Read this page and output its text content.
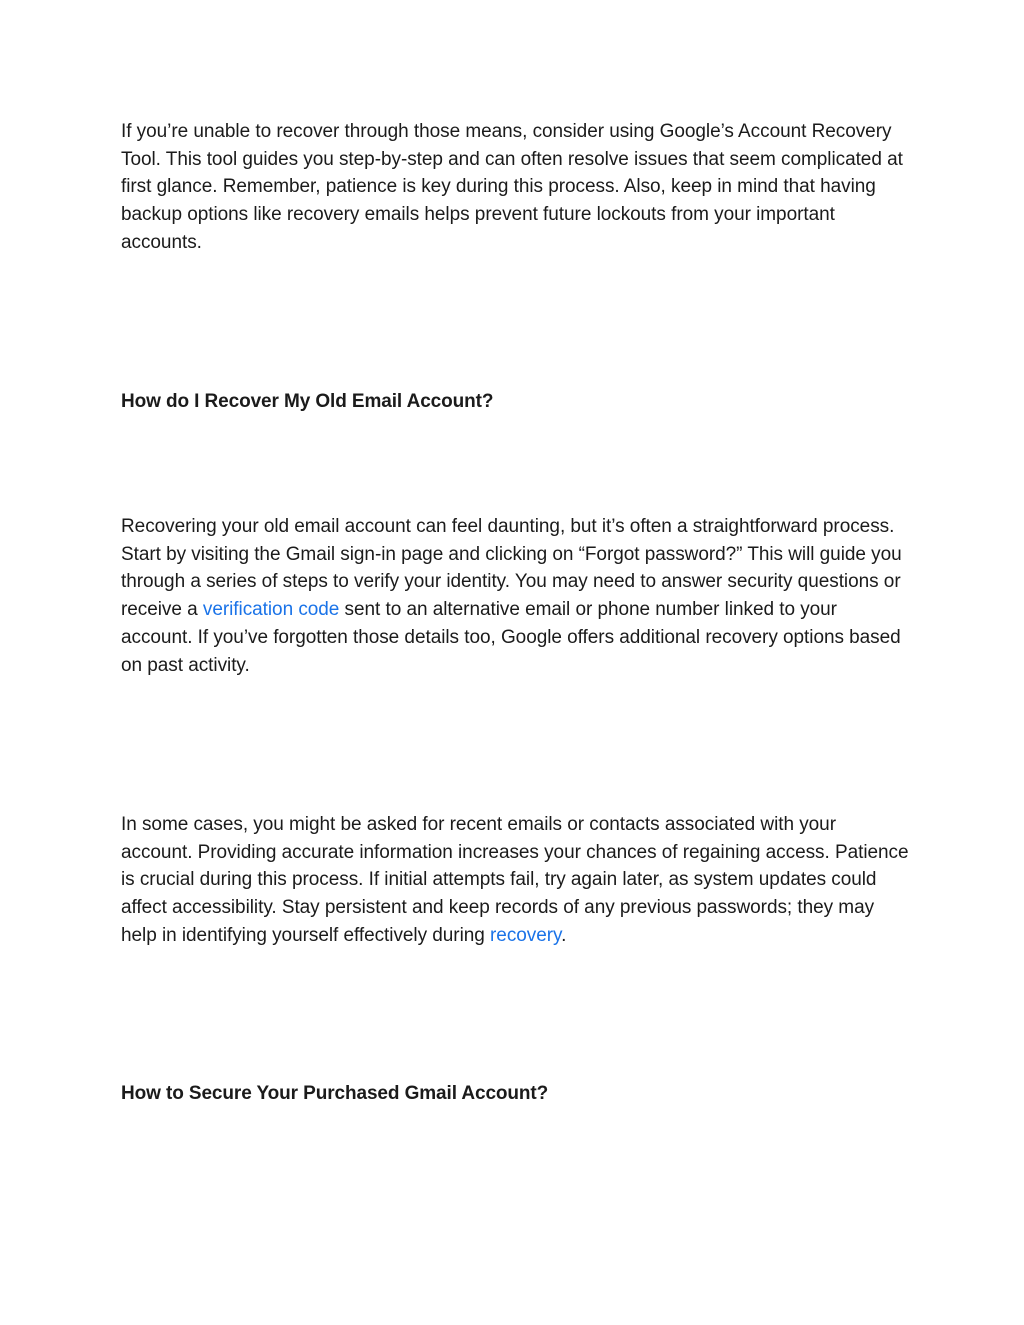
If you’re unable to recover through those means, consider using Google’s Account Recovery Tool. This tool guides you step-by-step and can often resolve issues that seem complicated at first glance. Remember, patience is key during this process. Also, keep in mind that having backup options like recovery emails helps prevent future lockouts from your important accounts.

How do I Recover My Old Email Account?

Recovering your old email account can feel daunting, but it’s often a straightforward process. Start by visiting the Gmail sign-in page and clicking on “Forgot password?” This will guide you through a series of steps to verify your identity. You may need to answer security questions or receive a verification code sent to an alternative email or phone number linked to your account. If you’ve forgotten those details too, Google offers additional recovery options based on past activity.

In some cases, you might be asked for recent emails or contacts associated with your account. Providing accurate information increases your chances of regaining access. Patience is crucial during this process. If initial attempts fail, try again later, as system updates could affect accessibility. Stay persistent and keep records of any previous passwords; they may help in identifying yourself effectively during recovery.

How to Secure Your Purchased Gmail Account?
